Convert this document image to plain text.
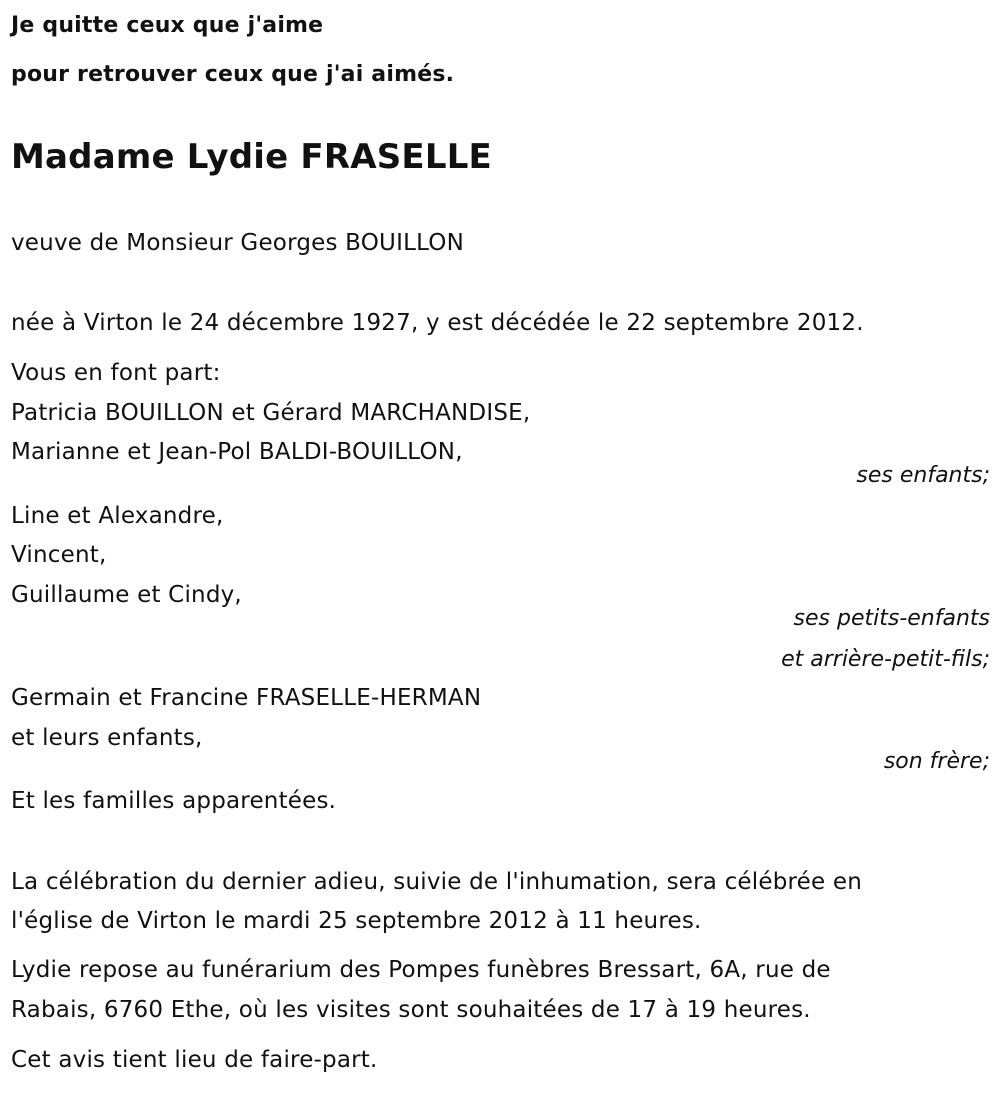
Je quitte ceux que j'aime
pour retrouver ceux que j'ai aimés.
Madame Lydie FRASELLE
veuve de Monsieur Georges BOUILLON
née à Virton le 24 décembre 1927, y est décédée le 22 septembre 2012.
Vous en font part:
Patricia BOUILLON et Gérard MARCHANDISE,
Marianne et Jean-Pol BALDI-BOUILLON,
ses enfants;
Line et Alexandre,
Vincent,
Guillaume et Cindy,
ses petits-enfants
et arrière-petit-fils;
Germain et Francine FRASELLE-HERMAN
et leurs enfants,
son frère;
Et les familles apparentées.
La célébration du dernier adieu, suivie de l'inhumation, sera célébrée en
l'église de Virton le mardi 25 septembre 2012 à 11 heures.
Lydie repose au funérarium des Pompes funèbres Bressart, 6A, rue de
Rabais, 6760 Ethe, où les visites sont souhaitées de 17 à 19 heures.
Cet avis tient lieu de faire-part.
